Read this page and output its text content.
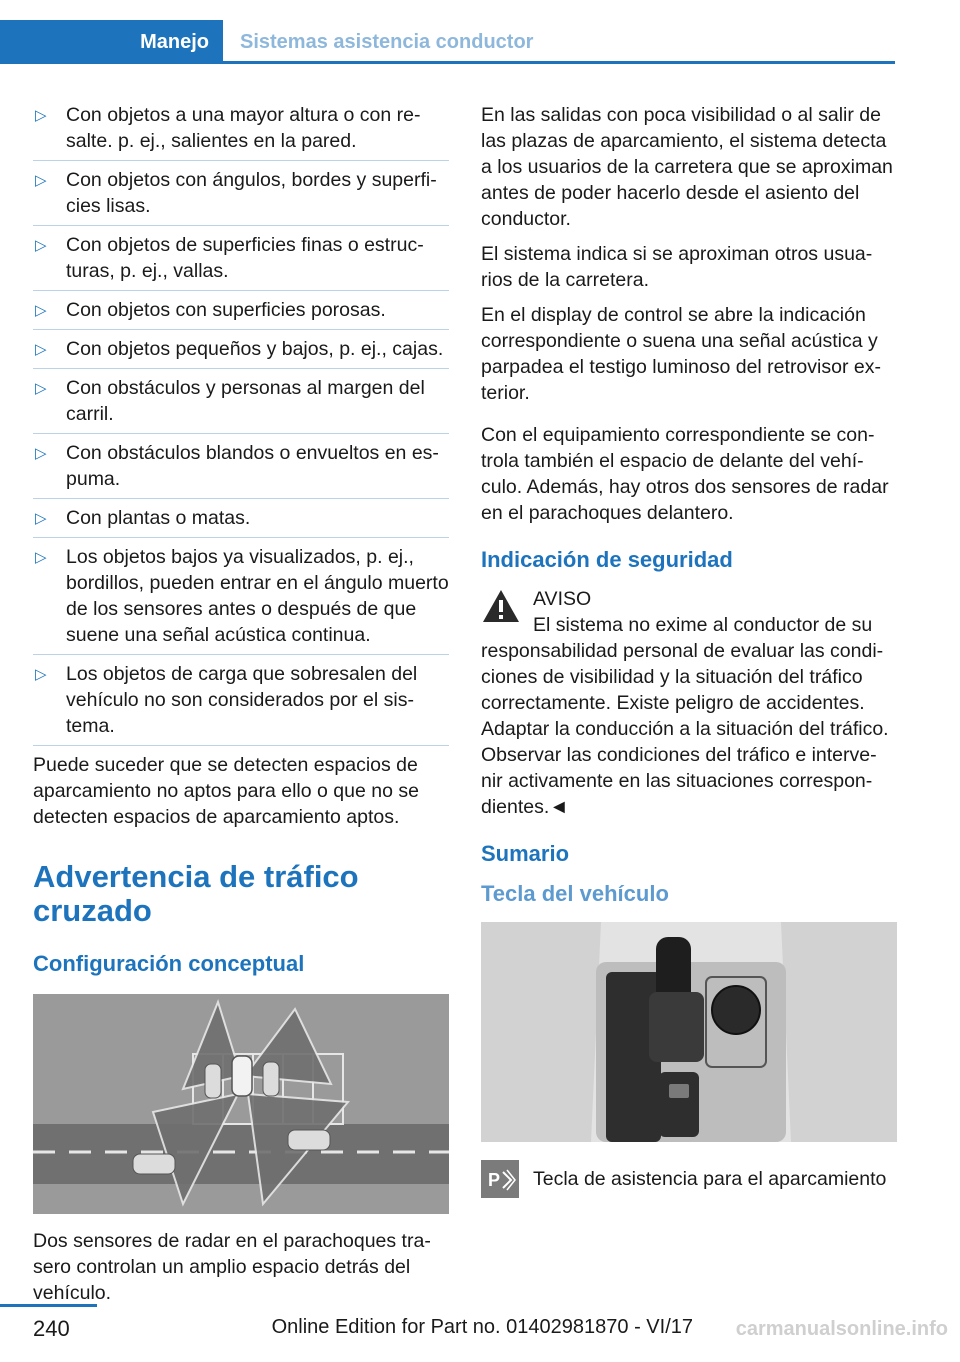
Manejo	Sistemas asistencia conductor
▷ Con objetos a una mayor altura o con re-salte. p. ej., salientes en la pared.
▷ Con objetos con ángulos, bordes y superfi-cies lisas.
▷ Con objetos de superficies finas o estruc-turas, p. ej., vallas.
▷ Con objetos con superficies porosas.
▷ Con objetos pequeños y bajos, p. ej., cajas.
▷ Con obstáculos y personas al margen del carril.
▷ Con obstáculos blandos o envueltos en es-puma.
▷ Con plantas o matas.
▷ Los objetos bajos ya visualizados, p. ej., bordillos, pueden entrar en el ángulo muerto de los sensores antes o después de que suene una señal acústica continua.
▷ Los objetos de carga que sobresalen del vehículo no son considerados por el sis-tema.

Puede suceder que se detecten espacios de aparcamiento no aptos para ello o que no se detecten espacios de aparcamiento aptos.

Advertencia de tráfico cruzado
Configuración conceptual

Dos sensores de radar en el parachoques tra-sero controlan un amplio espacio detrás del vehículo.

En las salidas con poca visibilidad o al salir de las plazas de aparcamiento, el sistema detecta a los usuarios de la carretera que se aproximan antes de poder hacerlo desde el asiento del conductor.

El sistema indica si se aproximan otros usua-rios de la carretera.

En el display de control se abre la indicación correspondiente o suena una señal acústica y parpadea el testigo luminoso del retrovisor ex-terior.

Con el equipamiento correspondiente se con-trola también el espacio de delante del vehí-culo. Además, hay otros dos sensores de radar en el parachoques delantero.

Indicación de seguridad
AVISO
El sistema no exime al conductor de su

responsabilidad personal de evaluar las condi-ciones de visibilidad y la situación del tráfico correctamente. Existe peligro de accidentes. Adaptar la conducción a la situación del tráfico. Observar las condiciones del tráfico e interve-nir activamente en las situaciones correspon-dientes.◄

Sumario
Tecla del vehículo
P Tecla de asistencia para el aparcamiento
240	Online Edition for Part no. 01402981870 - VI/17 carmanualsonline.info
